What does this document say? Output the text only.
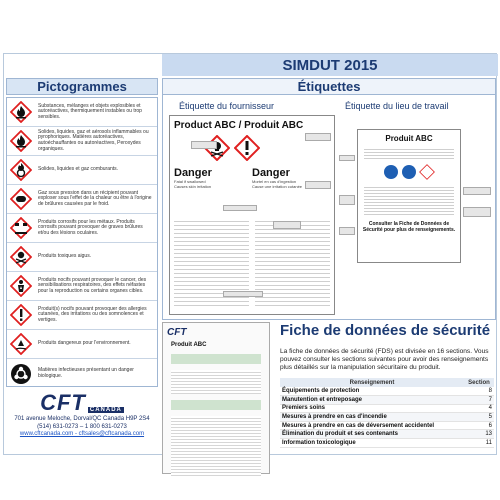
SIMDUT 2015
Pictogrammes
Substances, mélanges et objets explosibles et autoréactives, thermiquement instables ou trop sensibles.
Solides, liquides, gaz et aérosols inflammables ou pyrophoriques. Matières autoréactives, autoéchauffantes ou autoréactives, Peroxydes organiques.
Solides, liquides et gaz comburants.
Gaz sous pression dans un récipient pouvant exploser sous l'effet de la chaleur ou être à l'origine de brûlures causées par le froid.
Produits corrosifs pour les métaux. Produits corrosifs pouvant provoquer de graves brûlures et/ou des lésions oculaires.
Produits toxiques aigus.
Produits nocifs pouvant provoquer le cancer, des sensibilisations respiratoires, des effets néfastes pour la reproduction ou certains organes cibles.
Produit(s) nocifs pouvant provoquer des allergies cutanées, des irritations ou des somnolences et vertiges.
Produits dangereux pour l'environnement.
Matières infectieuses présentant un danger biologique.
CFT CANADA
701 avenue Meloche, Dorval/QC Canada H9P 2S4
(514) 631-0273 – 1 800 631-0273
www.cftcanada.com - cftsales@cftcanada.com
Étiquettes
Étiquette du fournisseur	Étiquette du lieu de travail
Product ABC / Produit ABC
Danger
Fatal if swallowed
Causes skin irritation
Danger
Mortel en cas d'ingestion
Cause une irritation cutanée
Produit ABC
Consulter la Fiche de Données de Sécurité pour plus de renseignements.
CFT
Produit ABC
Fiche de données de sécurité
La fiche de données de sécurité (FDS) est divisée en 16 sections. Vous pouvez consulter les sections suivantes pour avoir des renseignements plus détaillés sur la manipulation sécuritaire du produit.
Renseignement	Section
Équipements de protection	8
Manutention et entreposage	7
Premiers soins	4
Mesures à prendre en cas d'incendie	5
Mesures à prendre en cas de déversement accidentel	6
Élimination du produit et ses contenants	13
Information toxicologique	11
